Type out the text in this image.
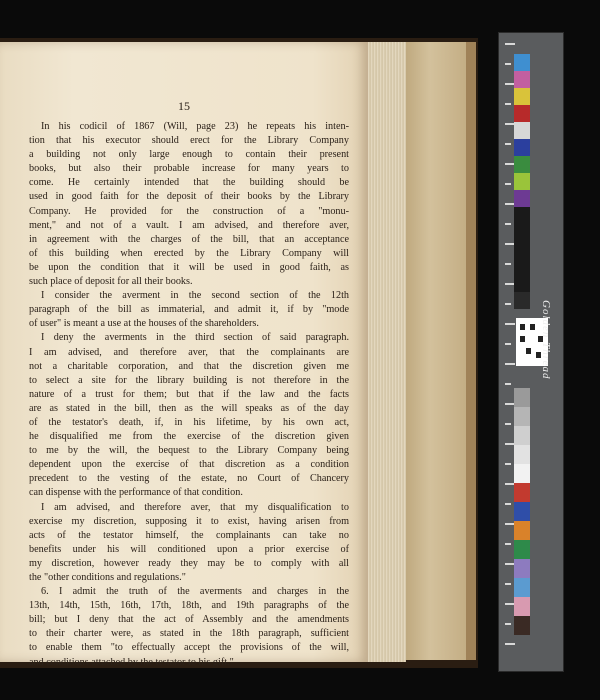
15

In his codicil of 1867 (Will, page 23) he repeats his inten-
tion that his executor should erect for the Library Company
a building not only large enough to contain their present
books, but also their probable increase for many years to
come. He certainly intended that the building should be
used in good faith for the deposit of their books by the Library
Company. He provided for the construction of a "monu-
ment," and not of a vault. I am advised, and therefore aver,
in agreement with the charges of the bill, that an acceptance
of this building when erected by the Library Company will
be upon the condition that it will be used in good faith, as
such place of deposit for all their books.

I consider the averment in the second section of the 12th
paragraph of the bill as immaterial, and admit it, if by "mode
of user" is meant a use at the houses of the shareholders.

I deny the averments in the third section of said paragraph.
I am advised, and therefore aver, that the complainants are
not a charitable corporation, and that the discretion given me
to select a site for the library building is not therefore in the
nature of a trust for them; but that if the law and the facts
are as stated in the bill, then as the will speaks as of the day
of the testator's death, if, in his lifetime, by his own act,
he disqualified me from the exercise of the discretion given
to me by the will, the bequest to the Library Company being
dependent upon the exercise of that discretion as a condition
precedent to the vesting of the estate, no Court of Chancery
can dispense with the performance of that condition.

I am advised, and therefore aver, that my disqualification to
exercise my discretion, supposing it to exist, having arisen from
acts of the testator himself, the complainants can take no
benefits under his will conditioned upon a prior exercise of
my discretion, however ready they may be to comply with all
the "other conditions and regulations."

6. I admit the truth of the averments and charges in the
13th, 14th, 15th, 16th, 17th, 18th, and 19th paragraphs of the
bill; but I deny that the act of Assembly and the amendments
to their charter were, as stated in the 18th paragraph, sufficient
to enable them "to effectually accept the provisions of the will,
and conditions attached by the testator to his gift."

Golden Thread
